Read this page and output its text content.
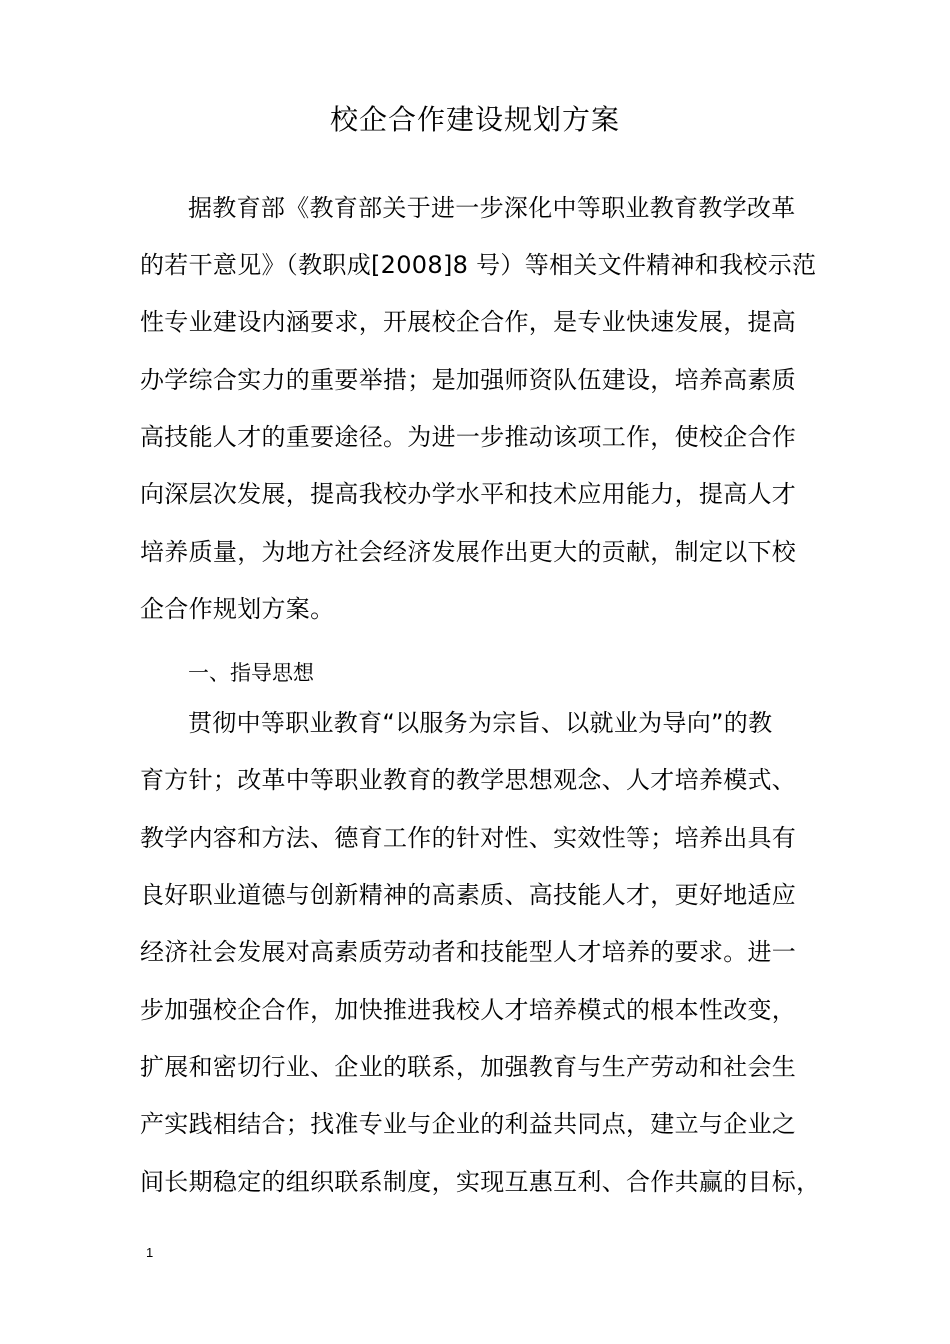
校企合作建设规划方案
据教育部《教育部关于进一步深化中等职业教育教学改革
的若干意见》（教职成[2008]8 号）等相关文件精神和我校示范
性专业建设内涵要求，开展校企合作，是专业快速发展，提高
办学综合实力的重要举措；是加强师资队伍建设，培养高素质
高技能人才的重要途径。为进一步推动该项工作，使校企合作
向深层次发展，提高我校办学水平和技术应用能力，提高人才
培养质量，为地方社会经济发展作出更大的贡献，制定以下校
企合作规划方案。
一、指导思想
贯彻中等职业教育“以服务为宗旨、以就业为导向”的教
育方针；改革中等职业教育的教学思想观念、人才培养模式、
教学内容和方法、德育工作的针对性、实效性等；培养出具有
良好职业道德与创新精神的高素质、高技能人才，更好地适应
经济社会发展对高素质劳动者和技能型人才培养的要求。进一
步加强校企合作，加快推进我校人才培养模式的根本性改变，
扩展和密切行业、企业的联系，加强教育与生产劳动和社会生
产实践相结合；找准专业与企业的利益共同点，建立与企业之
间长期稳定的组织联系制度，实现互惠互利、合作共赢的目标，
1
